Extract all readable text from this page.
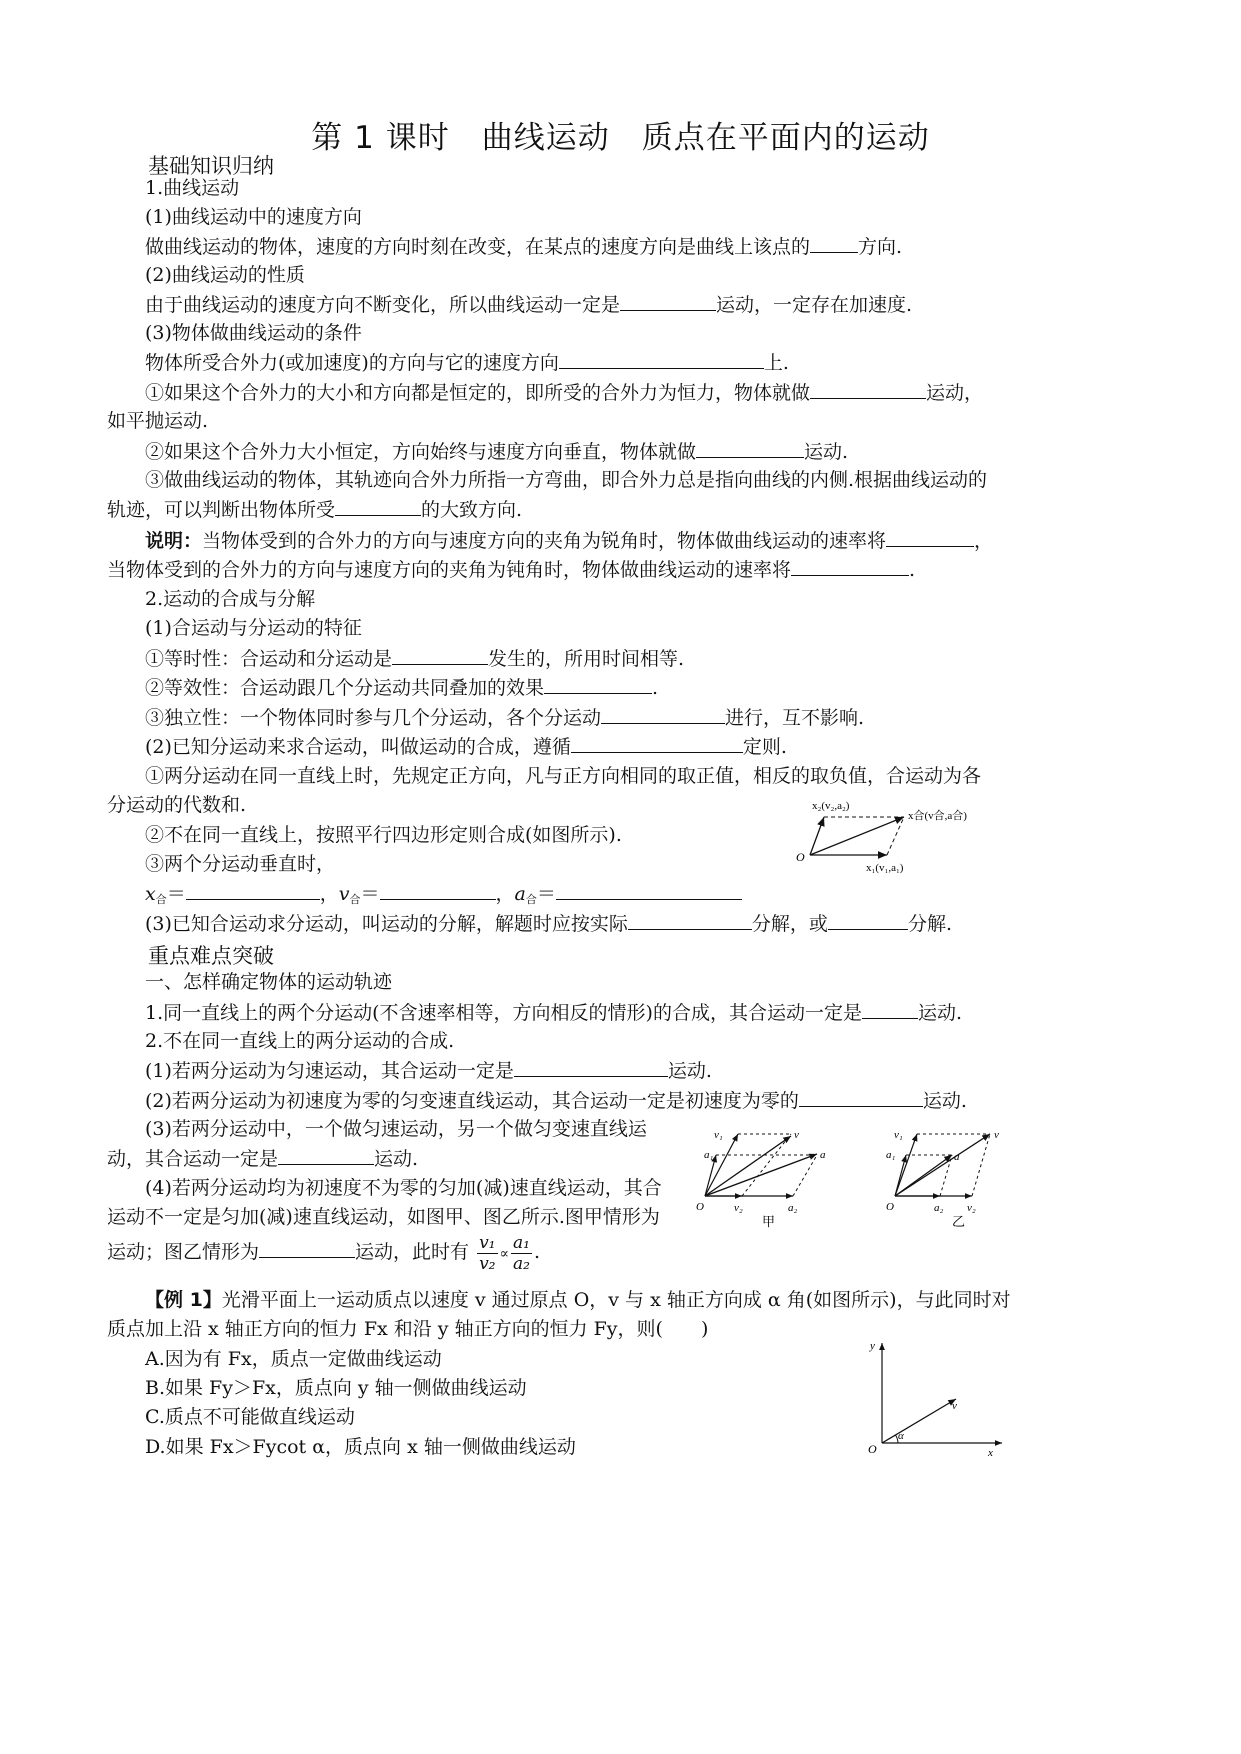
第 1 课时　曲线运动　质点在平面内的运动
基础知识归纳
1.曲线运动
(1)曲线运动中的速度方向
做曲线运动的物体，速度的方向时刻在改变，在某点的速度方向是曲线上该点的	方向.
(2)曲线运动的性质
由于曲线运动的速度方向不断变化，所以曲线运动一定是	运动，一定存在加速度.
(3)物体做曲线运动的条件
物体所受合外力(或加速度)的方向与它的速度方向	上.
①如果这个合外力的大小和方向都是恒定的，即所受的合外力为恒力，物体就做	运动，
如平抛运动.
②如果这个合外力大小恒定，方向始终与速度方向垂直，物体就做	运动.
③做曲线运动的物体，其轨迹向合外力所指一方弯曲，即合外力总是指向曲线的内侧.根据曲线运动的
轨迹，可以判断出物体所受	的大致方向.
说明：当物体受到的合外力的方向与速度方向的夹角为锐角时，物体做曲线运动的速率将	，
当物体受到的合外力的方向与速度方向的夹角为钝角时，物体做曲线运动的速率将	.
2.运动的合成与分解
(1)合运动与分运动的特征
①等时性：合运动和分运动是	发生的，所用时间相等.
②等效性：合运动跟几个分运动共同叠加的效果	.
③独立性：一个物体同时参与几个分运动，各个分运动	进行，互不影响.
(2)已知分运动来求合运动，叫做运动的合成，遵循	定则.
①两分运动在同一直线上时，先规定正方向，凡与正方向相同的取正值，相反的取负值，合运动为各
分运动的代数和.
②不在同一直线上，按照平行四边形定则合成(如图所示).
③两个分运动垂直时，
$x_合=$	，$v_合=$	，$a_合=$
(3)已知合运动求分运动，叫运动的分解，解题时应按实际	分解，或	分解.
x₂(v₂,a₂)
x合(v合,a合)
O
x₁(v₁,a₁)
重点难点突破
一、怎样确定物体的运动轨迹
1.同一直线上的两个分运动(不含速率相等，方向相反的情形)的合成，其合运动一定是	运动.
2.不在同一直线上的两分运动的合成.
(1)若两分运动为匀速运动，其合运动一定是	运动.
(2)若两分运动为初速度为零的匀变速直线运动，其合运动一定是初速度为零的	运动.
(3)若两分运动中，一个做匀速运动，另一个做匀变速直线运
动，其合运动一定是	运动.
(4)若两分运动均为初速度不为零的匀加(减)速直线运动，其合
运动不一定是匀加(减)速直线运动，如图甲、图乙所示.图甲情形为
运动；图乙情形为	运动，此时有 $\frac{\text{v₁}}{\text{v₂}} \propto \frac{\text{a₁}}{\text{a₂}}$ .
v₁
a₁
v
a
O	v₂	a₂
甲
v₁
a₁
v
a
O	a₂ v₂
乙
【例 1】光滑平面上一运动质点以速度 v 通过原点 O，v 与 x 轴正方向成 α 角(如图所示)，与此同时对
质点加上沿 x 轴正方向的恒力 Fx 和沿 y 轴正方向的恒力 Fy，则(　　)
A.因为有 Fx，质点一定做曲线运动
B.如果 Fy＞Fx，质点向 y 轴一侧做曲线运动
C.质点不可能做直线运动
D.如果 Fx＞Fycot α，质点向 x 轴一侧做曲线运动
y
v
O
α
x
